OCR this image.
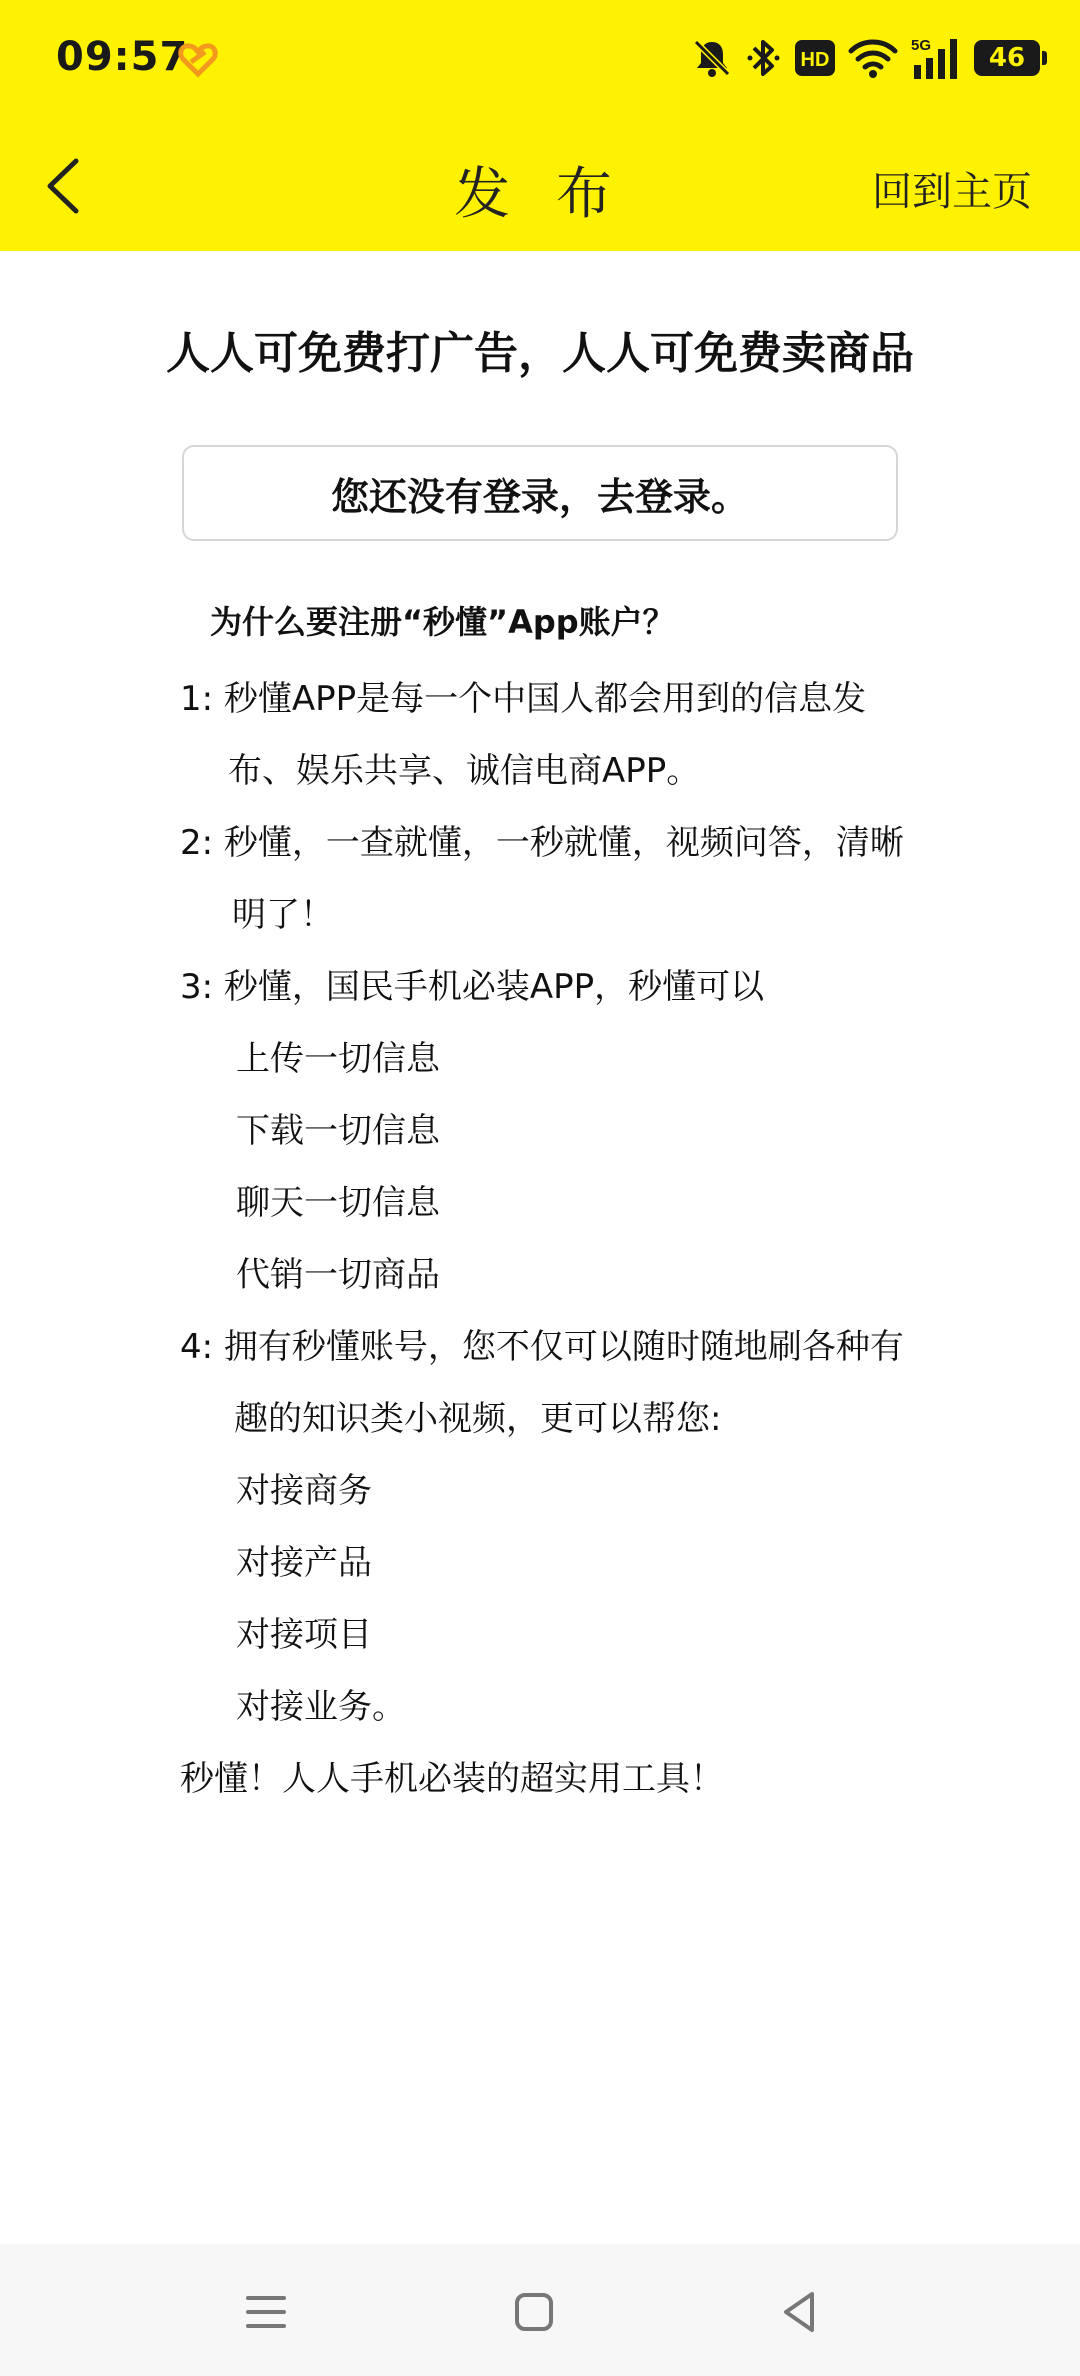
09:57	HD
5G 46
发 布	回到主页
人人可免费打广告，人人可免费卖商品
您还没有登录，去登录。
为什么要注册“秒懂”App账户？
1: 秒懂APP是每一个中国人都会用到的信息发
布、娱乐共享、诚信电商APP。
2: 秒懂，一查就懂，一秒就懂，视频问答，清晰
明了！
3: 秒懂，国民手机必装APP，秒懂可以
上传一切信息
下载一切信息
聊天一切信息
代销一切商品
4: 拥有秒懂账号，您不仅可以随时随地刷各种有
趣的知识类小视频，更可以帮您:
对接商务
对接产品
对接项目
对接业务。
秒懂！人人手机必装的超实用工具！
